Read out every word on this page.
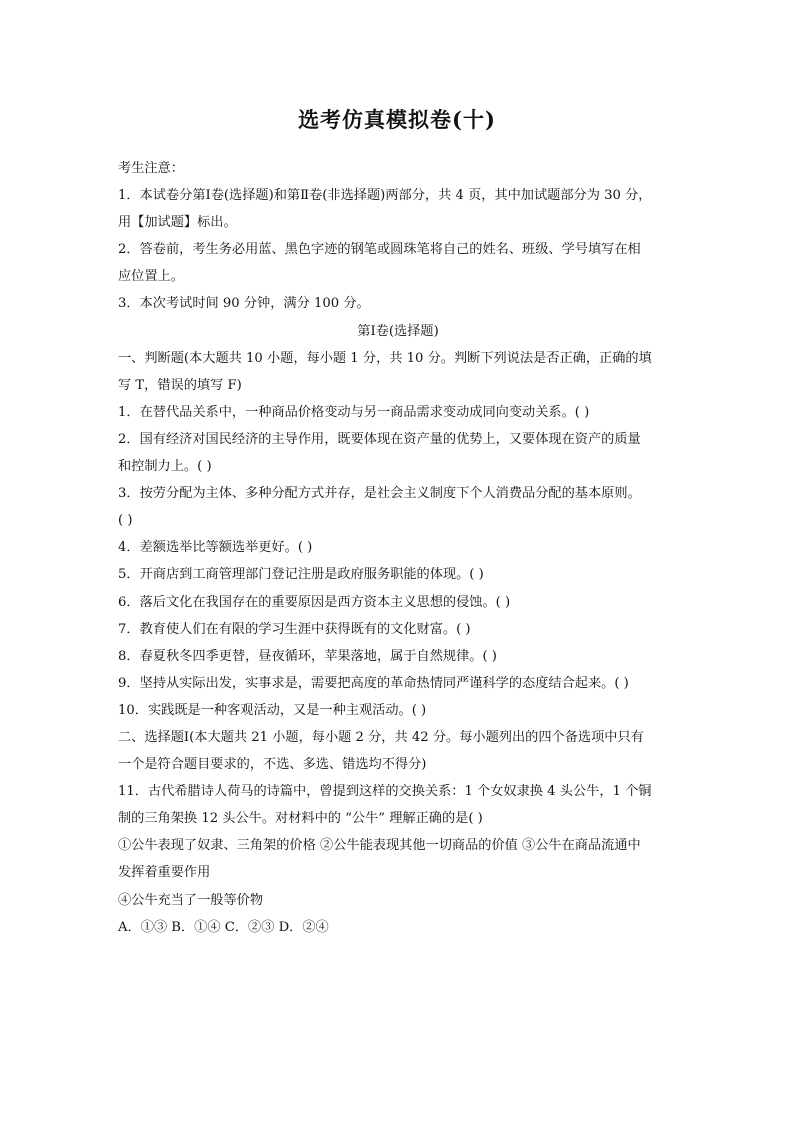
选考仿真模拟卷(十)
考生注意：
1．本试卷分第Ⅰ卷(选择题)和第Ⅱ卷(非选择题)两部分，共 4 页，其中加试题部分为 30 分，
用【加试题】标出。
2．答卷前，考生务必用蓝、黑色字迹的钢笔或圆珠笔将自己的姓名、班级、学号填写在相
应位置上。
3．本次考试时间 90 分钟，满分 100 分。
第Ⅰ卷(选择题)
一、判断题(本大题共 10 小题，每小题 1 分，共 10 分。判断下列说法是否正确，正确的填
写 T，错误的填写 F)
1．在替代品关系中，一种商品价格变动与另一商品需求变动成同向变动关系。( )
2．国有经济对国民经济的主导作用，既要体现在资产量的优势上，又要体现在资产的质量
和控制力上。( )
3．按劳分配为主体、多种分配方式并存，是社会主义制度下个人消费品分配的基本原则。
( )
4．差额选举比等额选举更好。( )
5．开商店到工商管理部门登记注册是政府服务职能的体现。( )
6．落后文化在我国存在的重要原因是西方资本主义思想的侵蚀。( )
7．教育使人们在有限的学习生涯中获得既有的文化财富。( )
8．春夏秋冬四季更替，昼夜循环，苹果落地，属于自然规律。( )
9．坚持从实际出发，实事求是，需要把高度的革命热情同严谨科学的态度结合起来。( )
10．实践既是一种客观活动，又是一种主观活动。( )
二、选择题Ⅰ(本大题共 21 小题，每小题 2 分，共 42 分。每小题列出的四个备选项中只有
一个是符合题目要求的，不选、多选、错选均不得分)
11．古代希腊诗人荷马的诗篇中，曾提到这样的交换关系：1 个女奴隶换 4 头公牛，1 个铜
制的三角架换 12 头公牛。对材料中的 “公牛” 理解正确的是( )
①公牛表现了奴隶、三角架的价格 ②公牛能表现其他一切商品的价值 ③公牛在商品流通中
发挥着重要作用
④公牛充当了一般等价物
A．①③ B．①④ C．②③ D．②④
